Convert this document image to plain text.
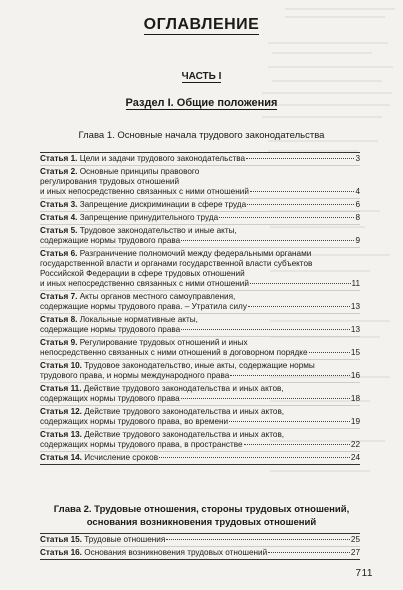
ОГЛАВЛЕНИЕ
ЧАСТЬ I
Раздел I. Общие положения
Глава 1. Основные начала трудового законодательства
Статья 1. Цели и задачи трудового законодательства	3
Статья 2. Основные принципы правового
регулирования трудовых отношений
и иных непосредственно связанных с ними отношений	4
Статья 3. Запрещение дискриминации в сфере труда	6
Статья 4. Запрещение принудительного труда	8
Статья 5. Трудовое законодательство и иные акты,
содержащие нормы трудового права	9
Статья 6. Разграничение полномочий между федеральными органами
государственной власти и органами государственной власти субъектов
Российской Федерации в сфере трудовых отношений
и иных непосредственно связанных с ними отношений	11
Статья 7. Акты органов местного самоуправления,
содержащие нормы трудового права. – Утратила силу	13
Статья 8. Локальные нормативные акты,
содержащие нормы трудового права	13
Статья 9. Регулирование трудовых отношений и иных
непосредственно связанных с ними отношений в договорном порядке	15
Статья 10. Трудовое законодательство, иные акты, содержащие нормы
трудового права, и нормы международного права	16
Статья 11. Действие трудового законодательства и иных актов,
содержащих нормы трудового права	18
Статья 12. Действие трудового законодательства и иных актов,
содержащих нормы трудового права, во времени	19
Статья 13. Действие трудового законодательства и иных актов,
содержащих нормы трудового права, в пространстве	22
Статья 14. Исчисление сроков	24
Глава 2. Трудовые отношения, стороны трудовых отношений,
основания возникновения трудовых отношений
Статья 15. Трудовые отношения	25
Статья 16. Основания возникновения трудовых отношений	27
711
